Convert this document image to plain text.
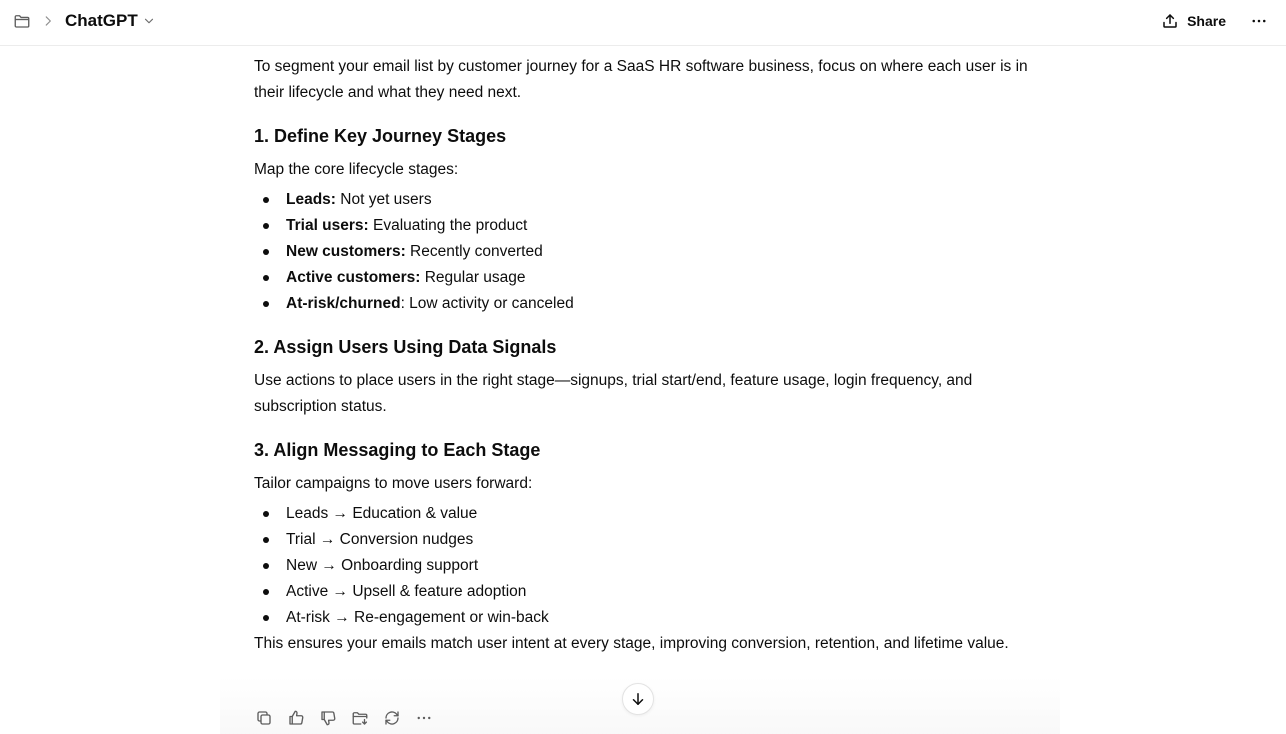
ChatGPT	Share

To segment your email list by customer journey for a SaaS HR software business, focus on where each user is in their lifecycle and what they need next.

1. Define Key Journey Stages

Map the core lifecycle stages:

Leads: Not yet users
Trial users: Evaluating the product
New customers: Recently converted
Active customers: Regular usage
At-risk/churned: Low activity or canceled
2. Assign Users Using Data Signals

Use actions to place users in the right stage—signups, trial start/end, feature usage, login frequency, and subscription status.

3. Align Messaging to Each Stage

Tailor campaigns to move users forward:

Leads → Education & value
Trial → Conversion nudges
New → Onboarding support
Active → Upsell & feature adoption
At-risk → Re-engagement or win-back

This ensures your emails match user intent at every stage, improving conversion, retention, and lifetime value.
